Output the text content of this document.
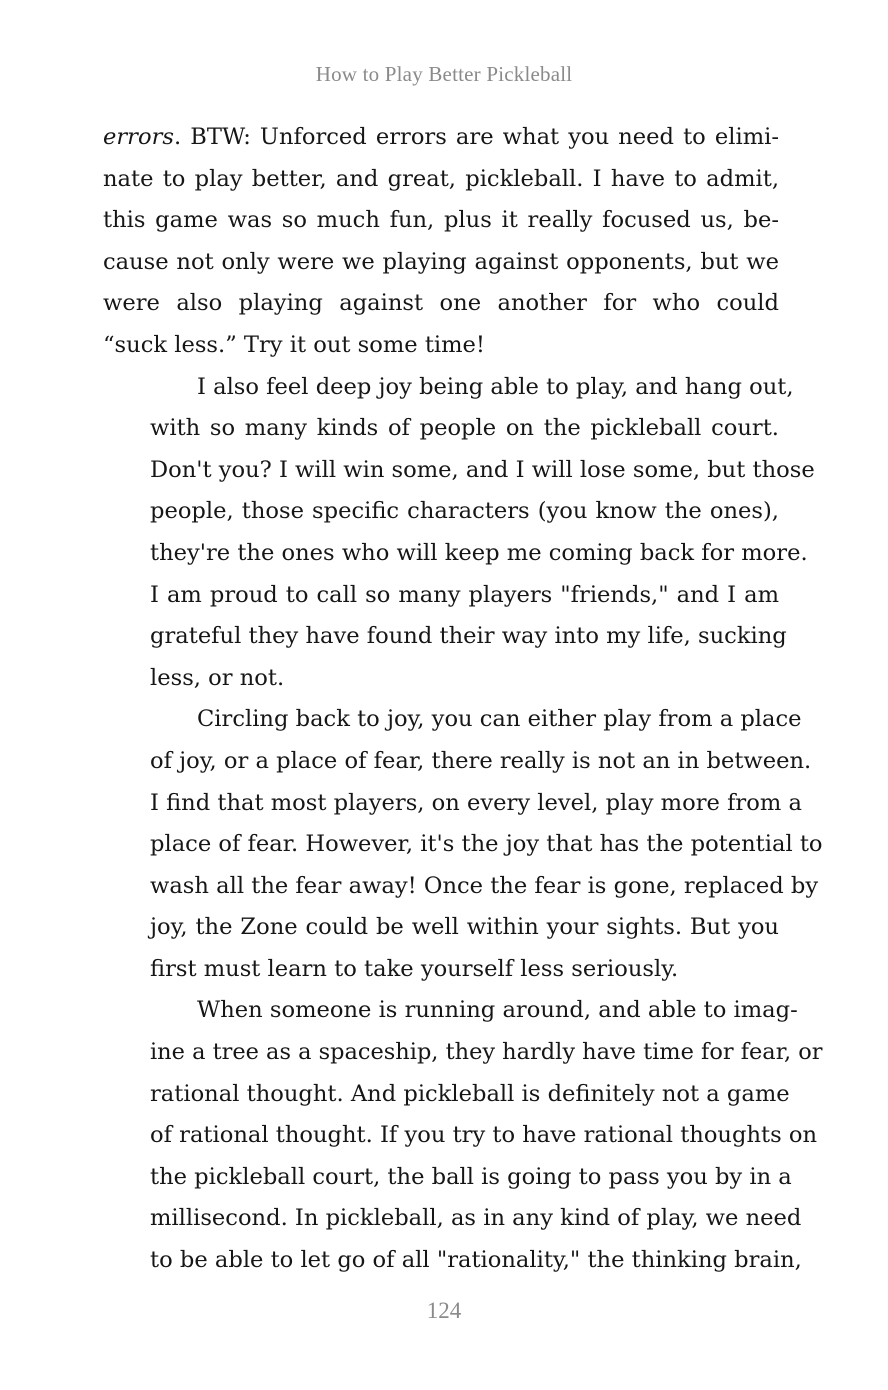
How to Play Better Pickleball

errors. BTW: Unforced errors are what you need to elimi-
nate to play better, and great, pickleball. I have to admit,
this game was so much fun, plus it really focused us, be-
cause not only were we playing against opponents, but we
were also playing against one another for who could
“suck less.” Try it out some time!

I also feel deep joy being able to play, and hang out,
with so many kinds of people on the pickleball court.
Don't you? I will win some, and I will lose some, but those
people, those specific characters (you know the ones),
they're the ones who will keep me coming back for more.
I am proud to call so many players "friends," and I am
grateful they have found their way into my life, sucking
less, or not.

Circling back to joy, you can either play from a place
of joy, or a place of fear, there really is not an in between.
I find that most players, on every level, play more from a
place of fear. However, it's the joy that has the potential to
wash all the fear away! Once the fear is gone, replaced by
joy, the Zone could be well within your sights. But you
first must learn to take yourself less seriously.

When someone is running around, and able to imag-
ine a tree as a spaceship, they hardly have time for fear, or
rational thought. And pickleball is definitely not a game
of rational thought. If you try to have rational thoughts on
the pickleball court, the ball is going to pass you by in a
millisecond. In pickleball, as in any kind of play, we need
to be able to let go of all "rationality," the thinking brain,

124
